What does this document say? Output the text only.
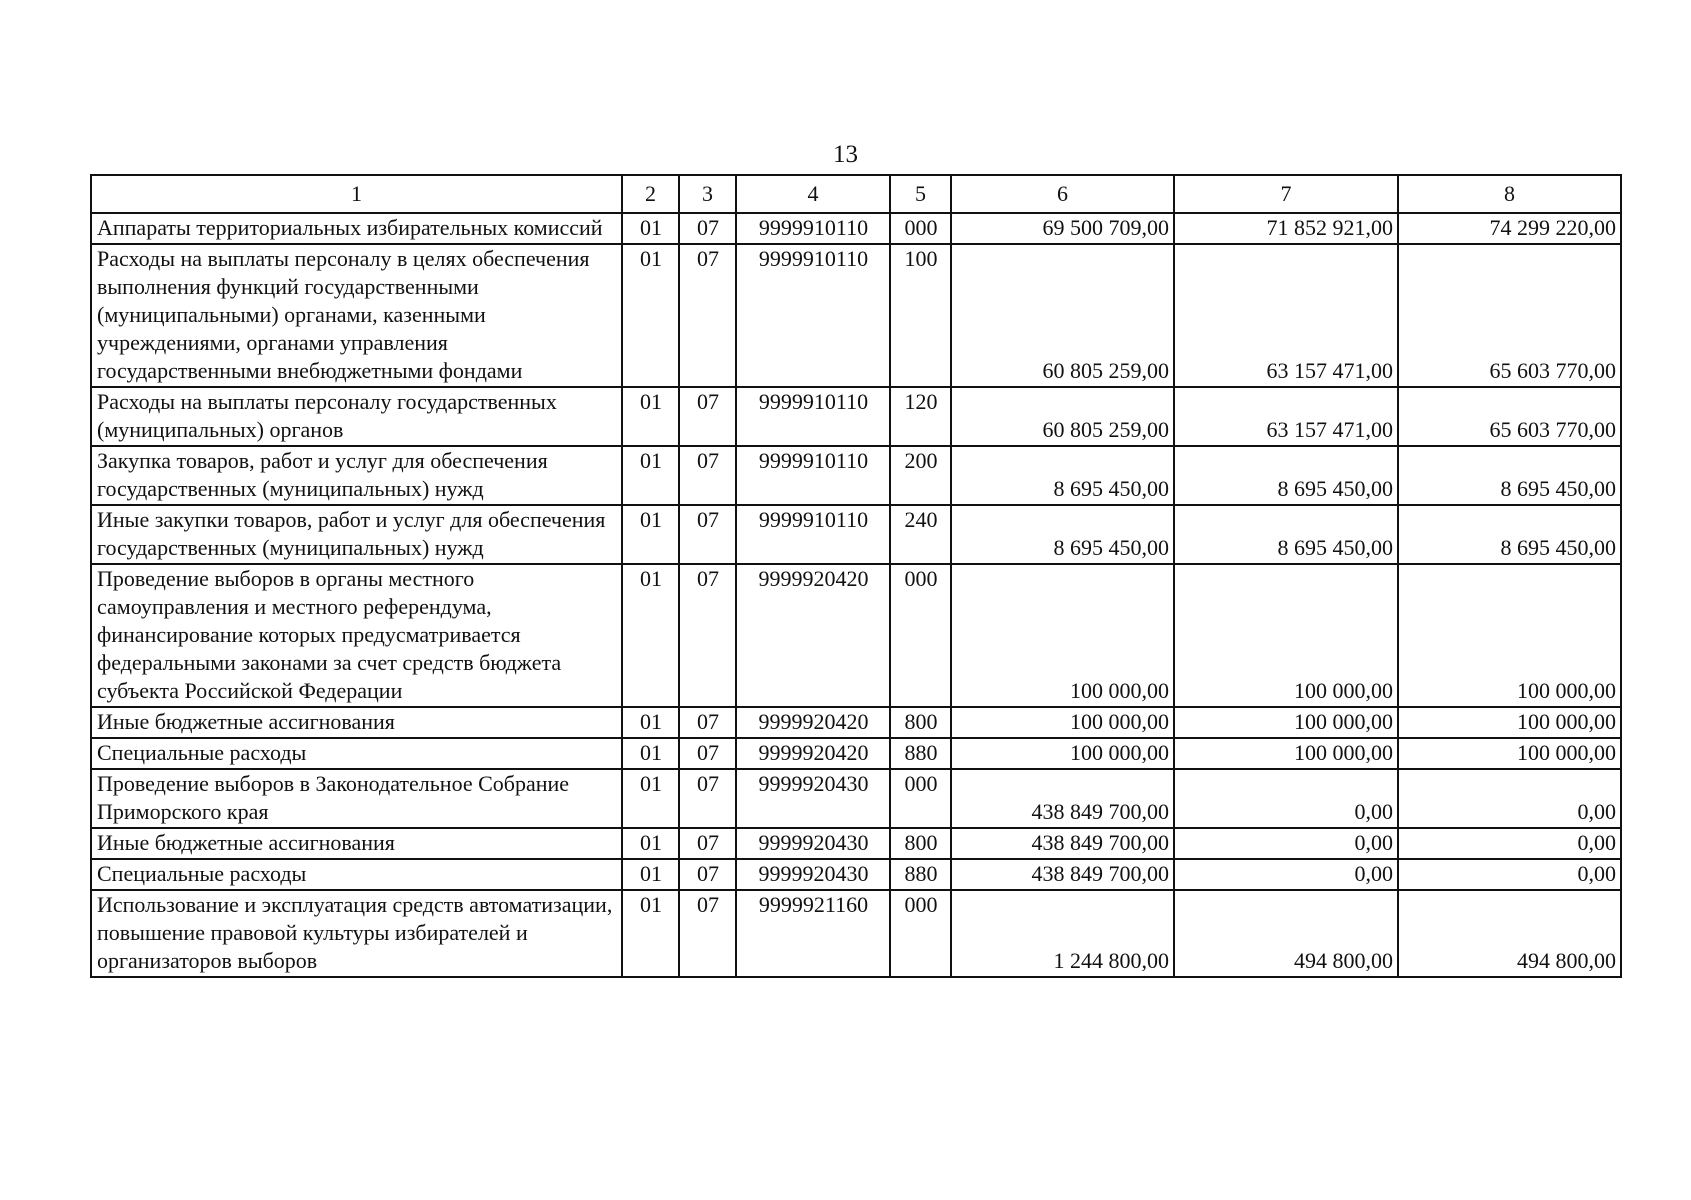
13
1	2	3	4	5	6	7	8
Аппараты территориальных избирательных комиссий	01	07	9999910110	000	69 500 709,00	71 852 921,00	74 299 220,00
Расходы на выплаты персоналу в целях обеспечения выполнения функций государственными (муниципальными) органами, казенными учреждениями, органами управления государственными внебюджетными фондами	01	07	9999910110	100	60 805 259,00	63 157 471,00	65 603 770,00
Расходы на выплаты персоналу государственных (муниципальных) органов	01	07	9999910110	120	60 805 259,00	63 157 471,00	65 603 770,00
Закупка товаров, работ и услуг для обеспечения государственных (муниципальных) нужд	01	07	9999910110	200	8 695 450,00	8 695 450,00	8 695 450,00
Иные закупки товаров, работ и услуг для обеспечения государственных (муниципальных) нужд	01	07	9999910110	240	8 695 450,00	8 695 450,00	8 695 450,00
Проведение выборов в органы местного самоуправления и местного референдума, финансирование которых предусматривается федеральными законами за счет средств бюджета субъекта Российской Федерации	01	07	9999920420	000	100 000,00	100 000,00	100 000,00
Иные бюджетные ассигнования	01	07	9999920420	800	100 000,00	100 000,00	100 000,00
Специальные расходы	01	07	9999920420	880	100 000,00	100 000,00	100 000,00
Проведение выборов в Законодательное Собрание Приморского края	01	07	9999920430	000	438 849 700,00	0,00	0,00
Иные бюджетные ассигнования	01	07	9999920430	800	438 849 700,00	0,00	0,00
Специальные расходы	01	07	9999920430	880	438 849 700,00	0,00	0,00
Использование и эксплуатация средств автоматизации, повышение правовой культуры избирателей и организаторов выборов	01	07	9999921160	000	1 244 800,00	494 800,00	494 800,00
